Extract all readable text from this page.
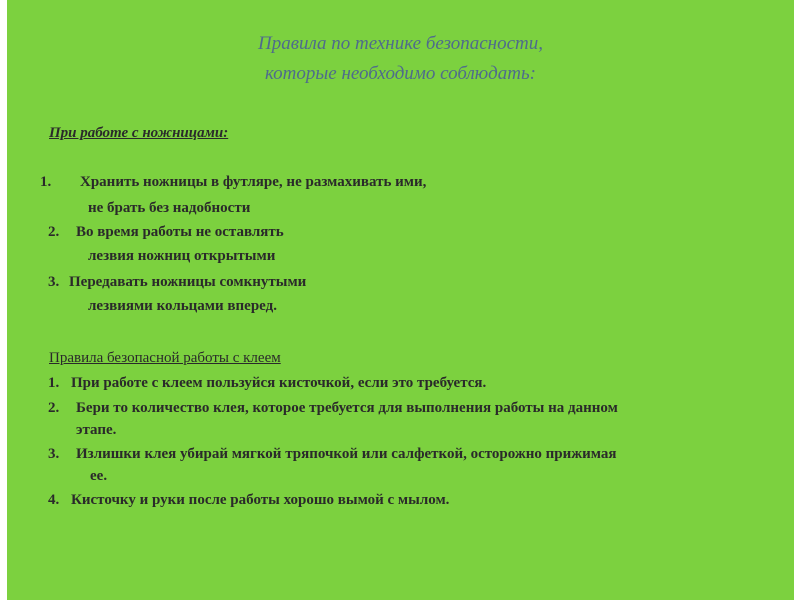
Правила по технике безопасности,
которые необходимо соблюдать:
При работе с ножницами:
1. Хранить ножницы в футляре, не размахивать ими,
не брать без надобности
2. Во время работы не оставлять
лезвия ножниц открытыми
3. Передавать ножницы сомкнутыми
лезвиями кольцами вперед.
Правила безопасной работы с клеем
1. При работе с клеем пользуйся кисточкой, если это требуется.
2. Бери то количество клея, которое требуется для выполнения работы на данном
этапе.
3. Излишки клея убирай мягкой тряпочкой или салфеткой, осторожно прижимая
ее.
4. Кисточку и руки после работы хорошо вымой с мылом.
